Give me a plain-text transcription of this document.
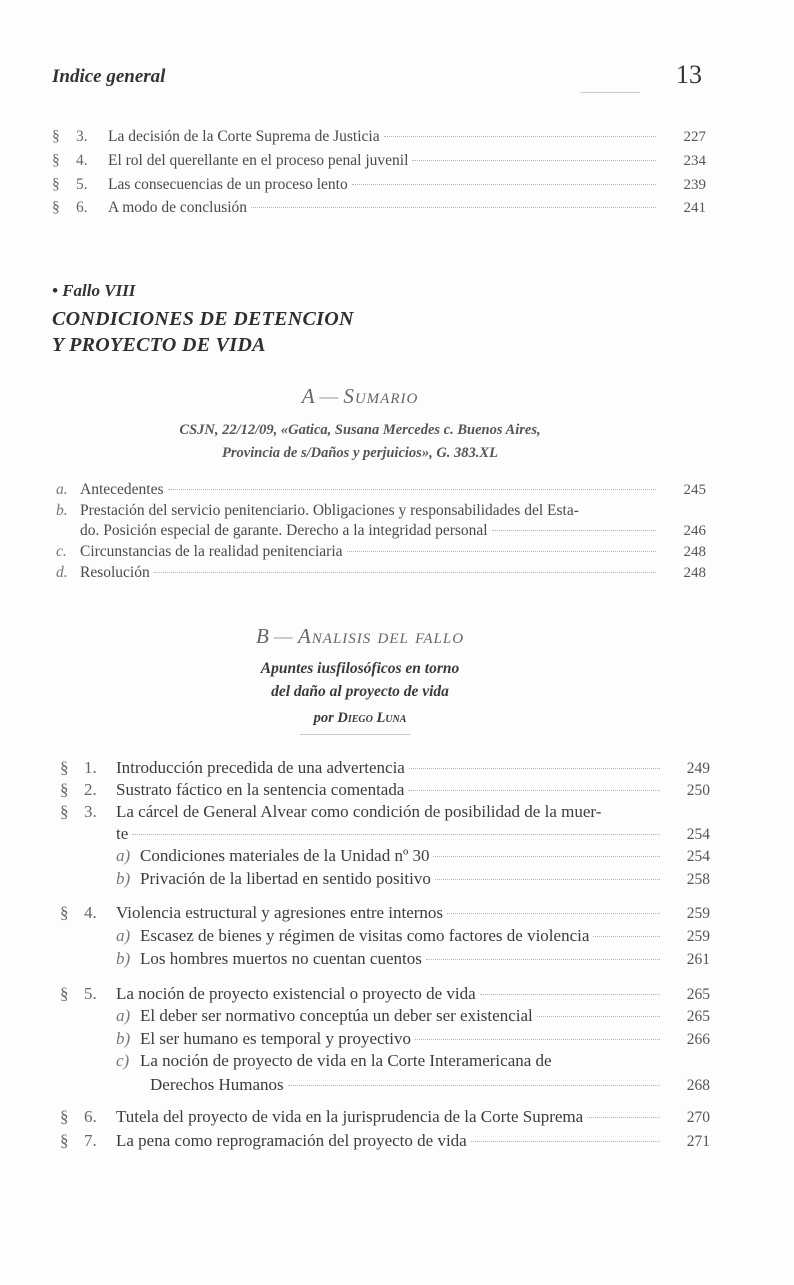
Indice general	13
§	3.	La decisión de la Corte Suprema de Justicia	227
§	4.	El rol del querellante en el proceso penal juvenil	234
§	5.	Las consecuencias de un proceso lento	239
§	6.	A modo de conclusión	241
• Fallo VIII
CONDICIONES DE DETENCION
Y PROYECTO DE VIDA
A — Sumario
CSJN, 22/12/09, «Gatica, Susana Mercedes c. Buenos Aires,
Provincia de s/Daños y perjuicios», G. 383.XL
a. Antecedentes	245
b. Prestación del servicio penitenciario. Obligaciones y responsabilidades del Esta-
do. Posición especial de garante. Derecho a la integridad personal	246
c. Circunstancias de la realidad penitenciaria	248
d. Resolución	248
B — Analisis del fallo
Apuntes iusfilosóficos en torno
del daño al proyecto de vida
por Diego Luna
§ 1.	Introducción precedida de una advertencia	249
§ 2.	Sustrato fáctico en la sentencia comentada	250
§ 3.	La cárcel de General Alvear como condición de posibilidad de la muer-
te	254
a) Condiciones materiales de la Unidad nº 30	254
b) Privación de la libertad en sentido positivo	258
§ 4.	Violencia estructural y agresiones entre internos	259
a) Escasez de bienes y régimen de visitas como factores de violencia	259
b) Los hombres muertos no cuentan cuentos	261
§ 5.	La noción de proyecto existencial o proyecto de vida	265
a) El deber ser normativo conceptúa un deber ser existencial	265
b) El ser humano es temporal y proyectivo	266
c) La noción de proyecto de vida en la Corte Interamericana de
Derechos Humanos	268
§ 6.	Tutela del proyecto de vida en la jurisprudencia de la Corte Suprema	270
§ 7.	La pena como reprogramación del proyecto de vida	271
